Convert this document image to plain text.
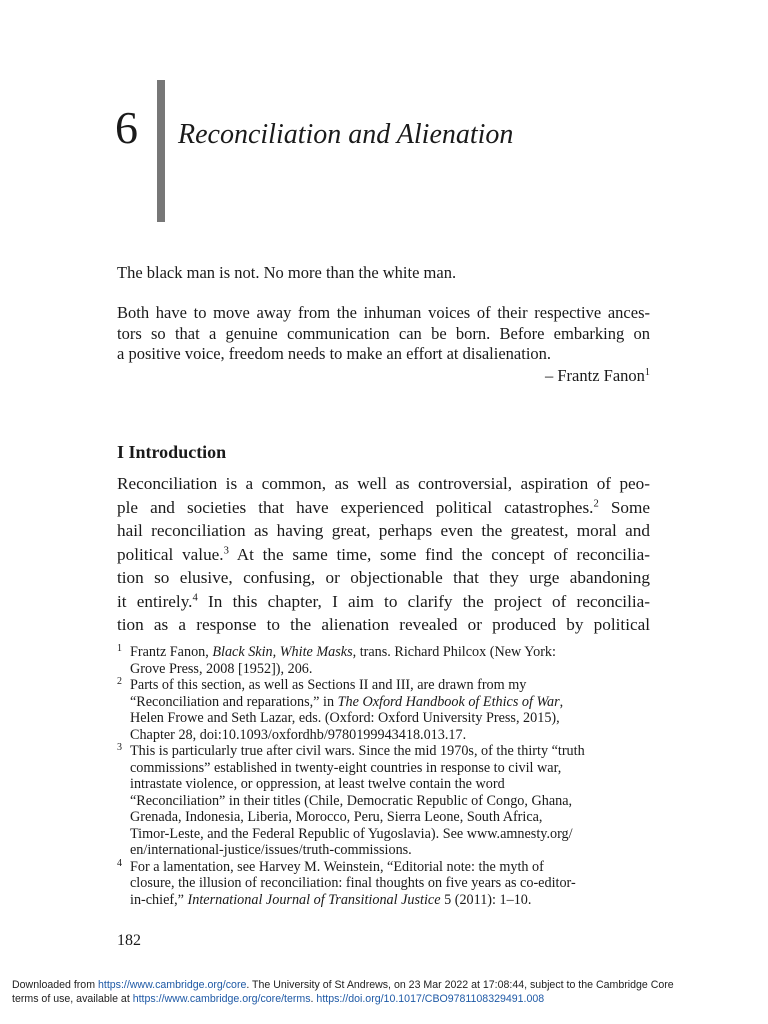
6 Reconciliation and Alienation
The black man is not. No more than the white man.
Both have to move away from the inhuman voices of their respective ances-
tors so that a genuine communication can be born. Before embarking on
a positive voice, freedom needs to make an effort at disalienation.
– Frantz Fanon$^1$
I Introduction
Reconciliation is a common, as well as controversial, aspiration of peo-
ple and societies that have experienced political catastrophes.$^2$ Some
hail reconciliation as having great, perhaps even the greatest, moral and
political value.$^3$ At the same time, some find the concept of reconcilia-
tion so elusive, confusing, or objectionable that they urge abandoning
it entirely.$^4$ In this chapter, I aim to clarify the project of reconcilia-
tion as a response to the alienation revealed or produced by political
1 Frantz Fanon, Black Skin, White Masks, trans. Richard Philcox (New York:
Grove Press, 2008 [1952]), 206.
2 Parts of this section, as well as Sections II and III, are drawn from my
“Reconciliation and reparations,” in The Oxford Handbook of Ethics of War,
Helen Frowe and Seth Lazar, eds. (Oxford: Oxford University Press, 2015),
Chapter 28, doi:10.1093/oxfordhb/9780199943418.013.17.
3 This is particularly true after civil wars. Since the mid 1970s, of the thirty “truth
commissions” established in twenty-eight countries in response to civil war,
intrastate violence, or oppression, at least twelve contain the word
“Reconciliation” in their titles (Chile, Democratic Republic of Congo, Ghana,
Grenada, Indonesia, Liberia, Morocco, Peru, Sierra Leone, South Africa,
Timor-Leste, and the Federal Republic of Yugoslavia). See www.amnesty.org/
en/international-justice/issues/truth-commissions.
4 For a lamentation, see Harvey M. Weinstein, “Editorial note: the myth of
closure, the illusion of reconciliation: final thoughts on five years as co-editor-
in-chief,” International Journal of Transitional Justice 5 (2011): 1–10.
182
Downloaded from https://www.cambridge.org/core. The University of St Andrews, on 23 Mar 2022 at 17:08:44, subject to the Cambridge Core
terms of use, available at https://www.cambridge.org/core/terms. https://doi.org/10.1017/CBO9781108329491.008
